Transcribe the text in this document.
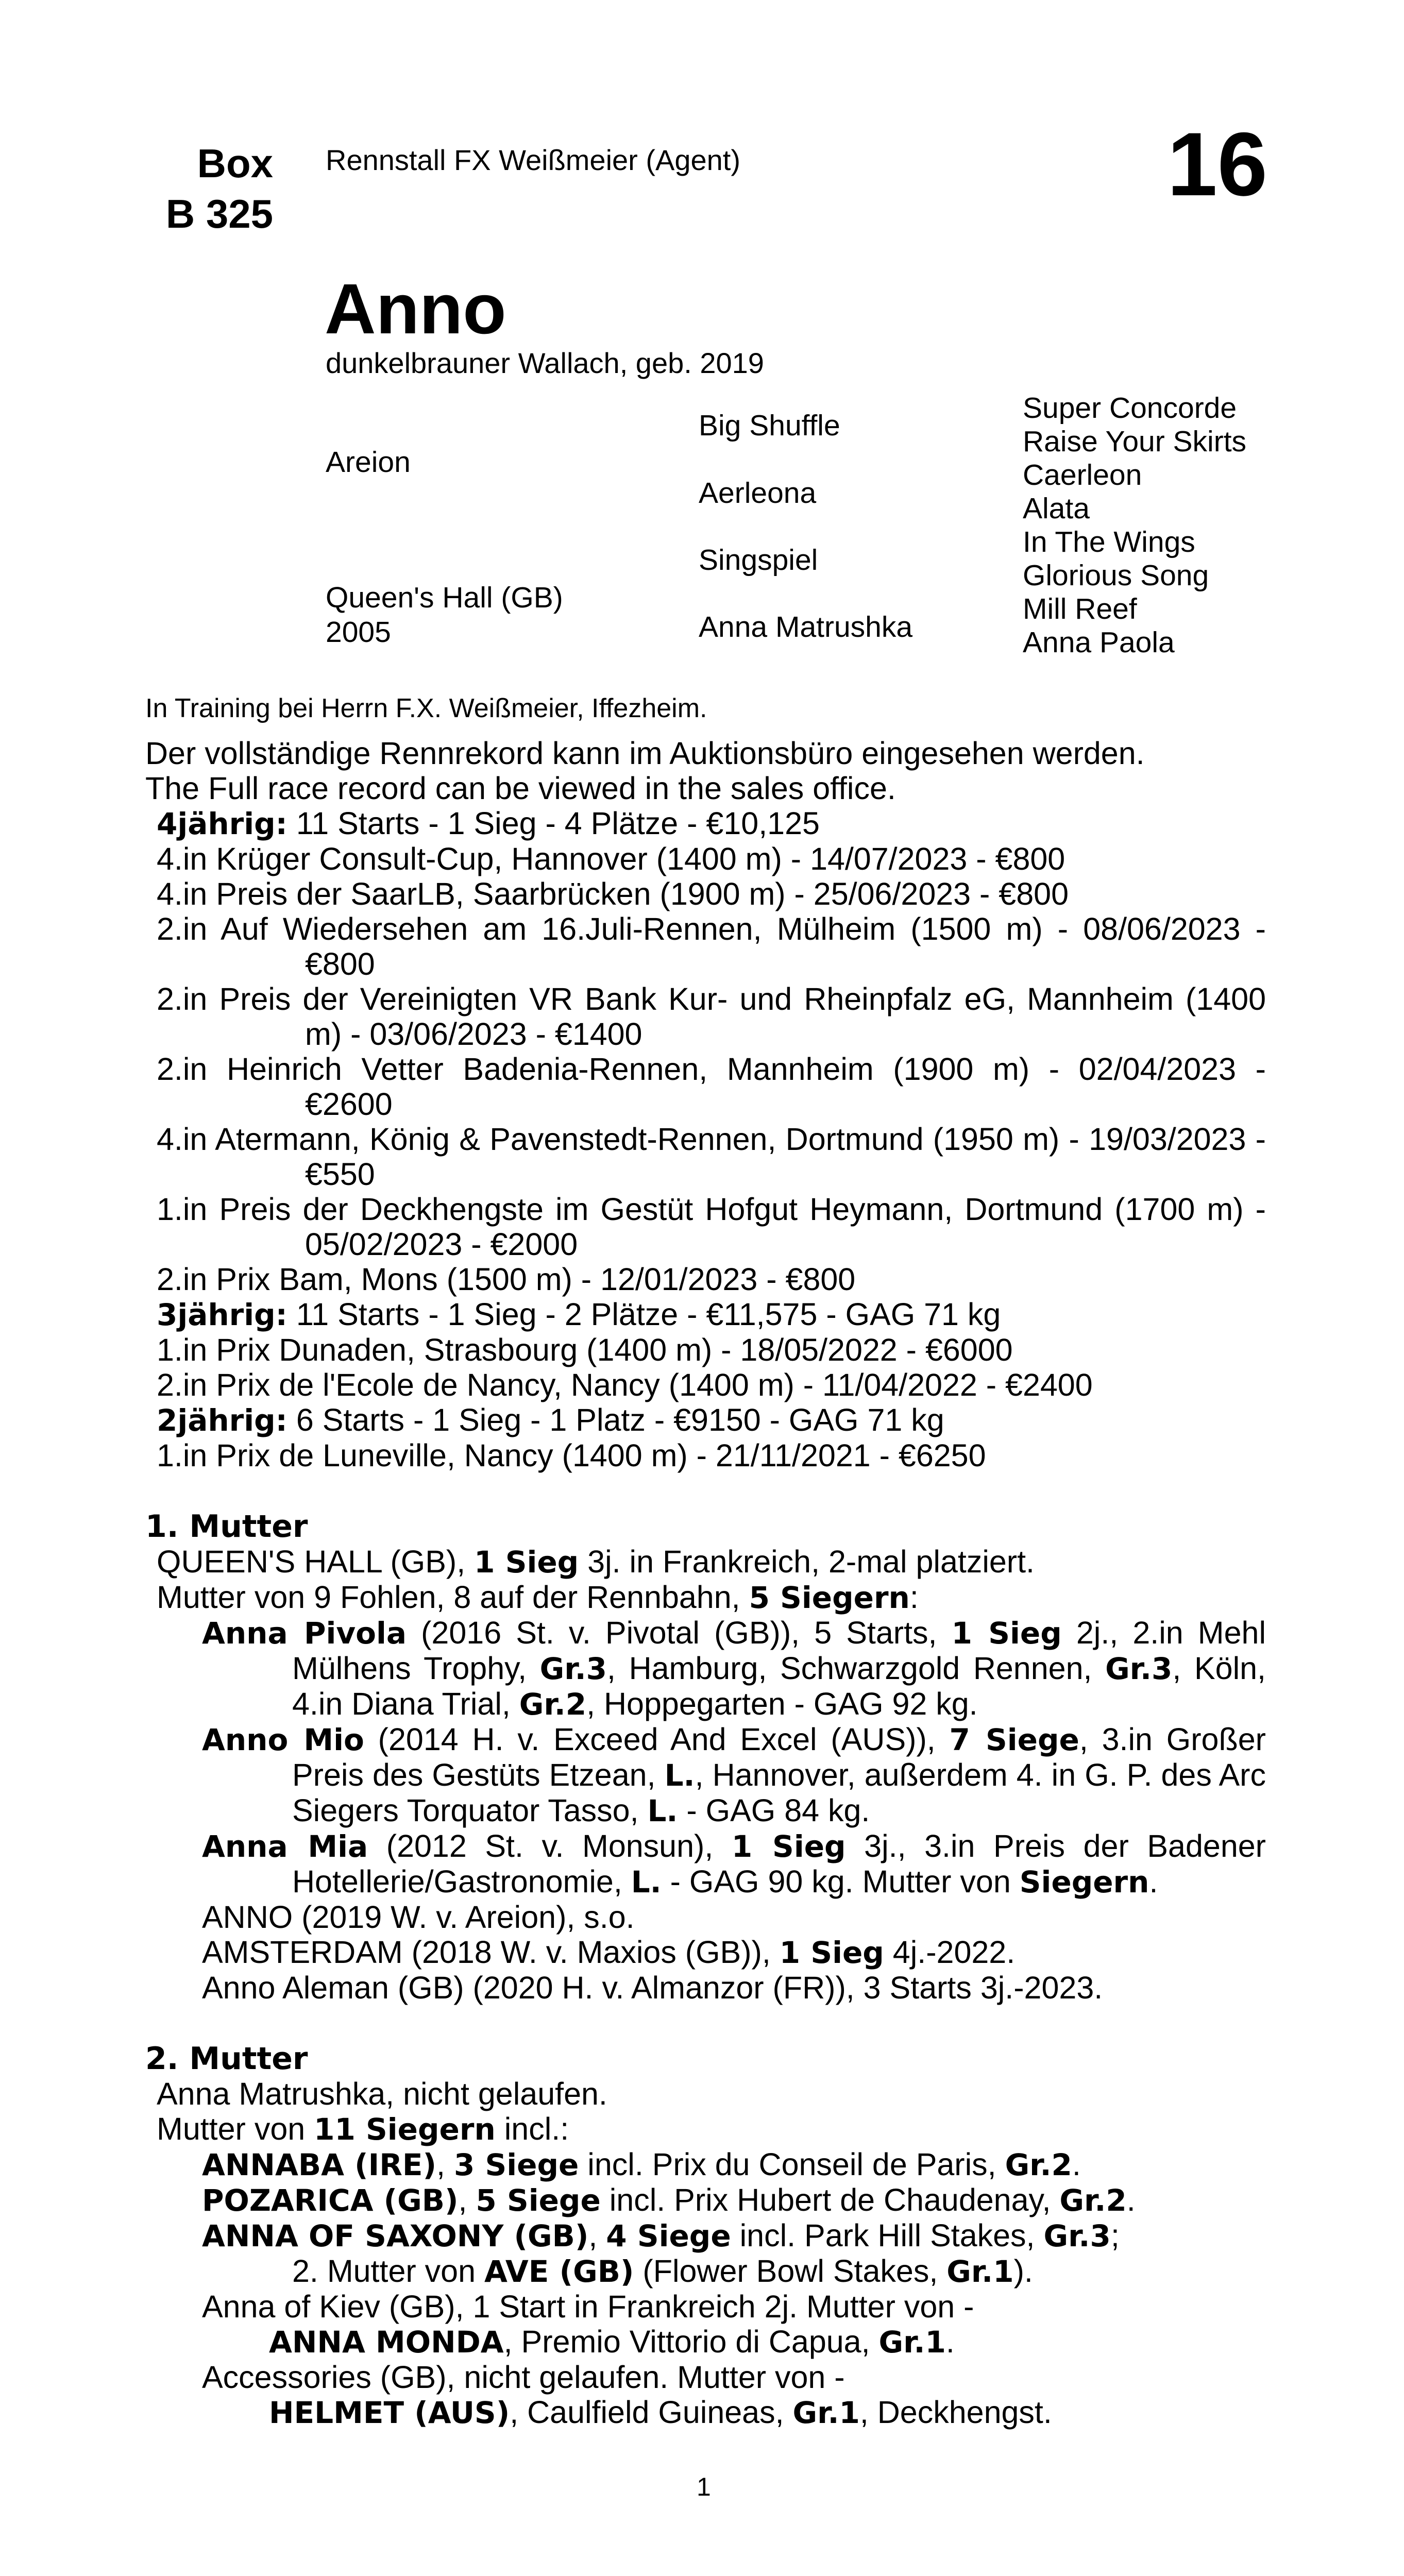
Box
B 325
Rennstall FX Weißmeier (Agent)	16
Anno
dunkelbrauner Wallach, geb. 2019
Areion
Queen's Hall (GB)
2005
Big Shuffle
Aerleona
Singspiel
Anna Matrushka
Super Concorde
Raise Your Skirts
Caerleon
Alata
In The Wings
Glorious Song
Mill Reef
Anna Paola
In Training bei Herrn F.X. Weißmeier, Iffezheim.

Der vollständige Rennrekord kann im Auktionsbüro eingesehen werden.

The Full race record can be viewed in the sales office.

4jährig: 11 Starts - 1 Sieg - 4 Plätze - €10,125

4.in Krüger Consult-Cup, Hannover (1400 m) - 14/07/2023 - €800

4.in Preis der SaarLB, Saarbrücken (1900 m) - 25/06/2023 - €800

2.in Auf Wiedersehen am 16.Juli-Rennen, Mülheim (1500 m) - 08/06/2023 - €800

2.in Preis der Vereinigten VR Bank Kur- und Rheinpfalz eG, Mannheim (1400 m) - 03/06/2023 - €1400

2.in Heinrich Vetter Badenia-Rennen, Mannheim (1900 m) - 02/04/2023 - €2600

4.in Atermann, König & Pavenstedt-Rennen, Dortmund (1950 m) - 19/03/2023 - €550

1.in Preis der Deckhengste im Gestüt Hofgut Heymann, Dortmund (1700 m) - 05/02/2023 - €2000

2.in Prix Bam, Mons (1500 m) - 12/01/2023 - €800

3jährig: 11 Starts - 1 Sieg - 2 Plätze - €11,575 - GAG 71 kg

1.in Prix Dunaden, Strasbourg (1400 m) - 18/05/2022 - €6000

2.in Prix de l'Ecole de Nancy, Nancy (1400 m) - 11/04/2022 - €2400

2jährig: 6 Starts - 1 Sieg - 1 Platz - €9150 - GAG 71 kg

1.in Prix de Luneville, Nancy (1400 m) - 21/11/2021 - €6250

1. Mutter

QUEEN'S HALL (GB), 1 Sieg 3j. in Frankreich, 2-mal platziert.

Mutter von 9 Fohlen, 8 auf der Rennbahn, 5 Siegern:

Anna Pivola (2016 St. v. Pivotal (GB)), 5 Starts, 1 Sieg 2j., 2.in Mehl Mülhens Trophy, Gr.3, Hamburg, Schwarzgold Rennen, Gr.3, Köln, 4.in Diana Trial, Gr.2, Hoppegarten - GAG 92 kg.

Anno Mio (2014 H. v. Exceed And Excel (AUS)), 7 Siege, 3.in Großer Preis des Gestüts Etzean, L., Hannover, außerdem 4. in G. P. des Arc Siegers Torquator Tasso, L. - GAG 84 kg.

Anna Mia (2012 St. v. Monsun), 1 Sieg 3j., 3.in Preis der Badener Hotellerie/Gastronomie, L. - GAG 90 kg. Mutter von Siegern.

ANNO (2019 W. v. Areion), s.o.

AMSTERDAM (2018 W. v. Maxios (GB)), 1 Sieg 4j.-2022.

Anno Aleman (GB) (2020 H. v. Almanzor (FR)), 3 Starts 3j.-2023.

2. Mutter

Anna Matrushka, nicht gelaufen.

Mutter von 11 Siegern incl.:

ANNABA (IRE), 3 Siege incl. Prix du Conseil de Paris, Gr.2.

POZARICA (GB), 5 Siege incl. Prix Hubert de Chaudenay, Gr.2.

ANNA OF SAXONY (GB), 4 Siege incl. Park Hill Stakes, Gr.3;

2. Mutter von AVE (GB) (Flower Bowl Stakes, Gr.1).

Anna of Kiev (GB), 1 Start in Frankreich 2j. Mutter von -

ANNA MONDA, Premio Vittorio di Capua, Gr.1.

Accessories (GB), nicht gelaufen. Mutter von -

HELMET (AUS), Caulfield Guineas, Gr.1, Deckhengst.

1
